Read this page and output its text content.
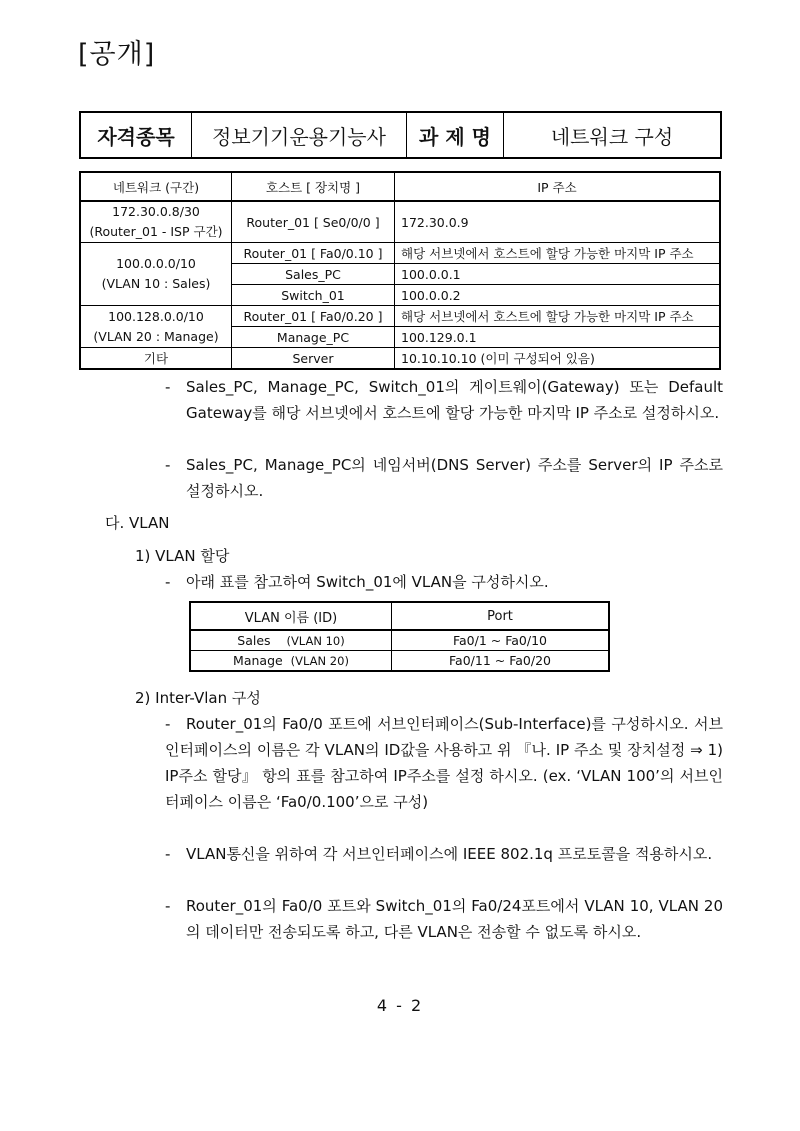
[공개]
자격종목	정보기기운용기능사	과 제 명	네트워크 구성
네트워크 (구간)	호스트 [ 장치명 ]	IP 주소

172.30.0.8/30
(Router_01 - ISP 구간)	Router_01 [ Se0/0/0 ]	172.30.0.9

100.0.0.0/10
(VLAN 10 : Sales)	Router_01 [ Fa0/0.10 ]	해당 서브넷에서 호스트에 할당 가능한 마지막 IP 주소
	Sales_PC	100.0.0.1
	Switch_01	100.0.0.2

100.128.0.0/10
(VLAN 20 : Manage)	Router_01 [ Fa0/0.20 ]	해당 서브넷에서 호스트에 할당 가능한 마지막 IP 주소
	Manage_PC	100.129.0.1
기타	Server	10.10.10.10 (이미 구성되어 있음)
- Sales_PC, Manage_PC, Switch_01의 게이트웨이(Gateway) 또는 Default Gateway를 해당 서브넷에서 호스트에 할당 가능한 마지막 IP 주소로 설정하시오.
- Sales_PC, Manage_PC의 네임서버(DNS Server) 주소를 Server의 IP 주소로 설정하시오.
다. VLAN
1) VLAN 할당
- 아래 표를 참고하여 Switch_01에 VLAN을 구성하시오.
VLAN 이름 (ID)	Port
Sales (VLAN 10)	Fa0/1 ~ Fa0/10
Manage (VLAN 20)	Fa0/11 ~ Fa0/20
2) Inter-Vlan 구성
-	Router_01의 Fa0/0 포트에 서브인터페이스(Sub-Interface)를 구성하시오. 서브인터페이스의 이름은 각 VLAN의 ID값을 사용하고 위 『나. IP 주소 및 장치설정 ⇒ 1) IP주소 할당』 항의 표를 참고하여 IP주소를 설정 하시오. (ex. ‘VLAN 100’의 서브인터페이스 이름은 ‘Fa0/0.100’으로 구성)
- VLAN통신을 위하여 각 서브인터페이스에 IEEE 802.1q 프로토콜을 적용하시오.
- Router_01의 Fa0/0 포트와 Switch_01의 Fa0/24포트에서 VLAN 10, VLAN 20의 데이터만 전송되도록 하고, 다른 VLAN은 전송할 수 없도록 하시오.
4 - 2
